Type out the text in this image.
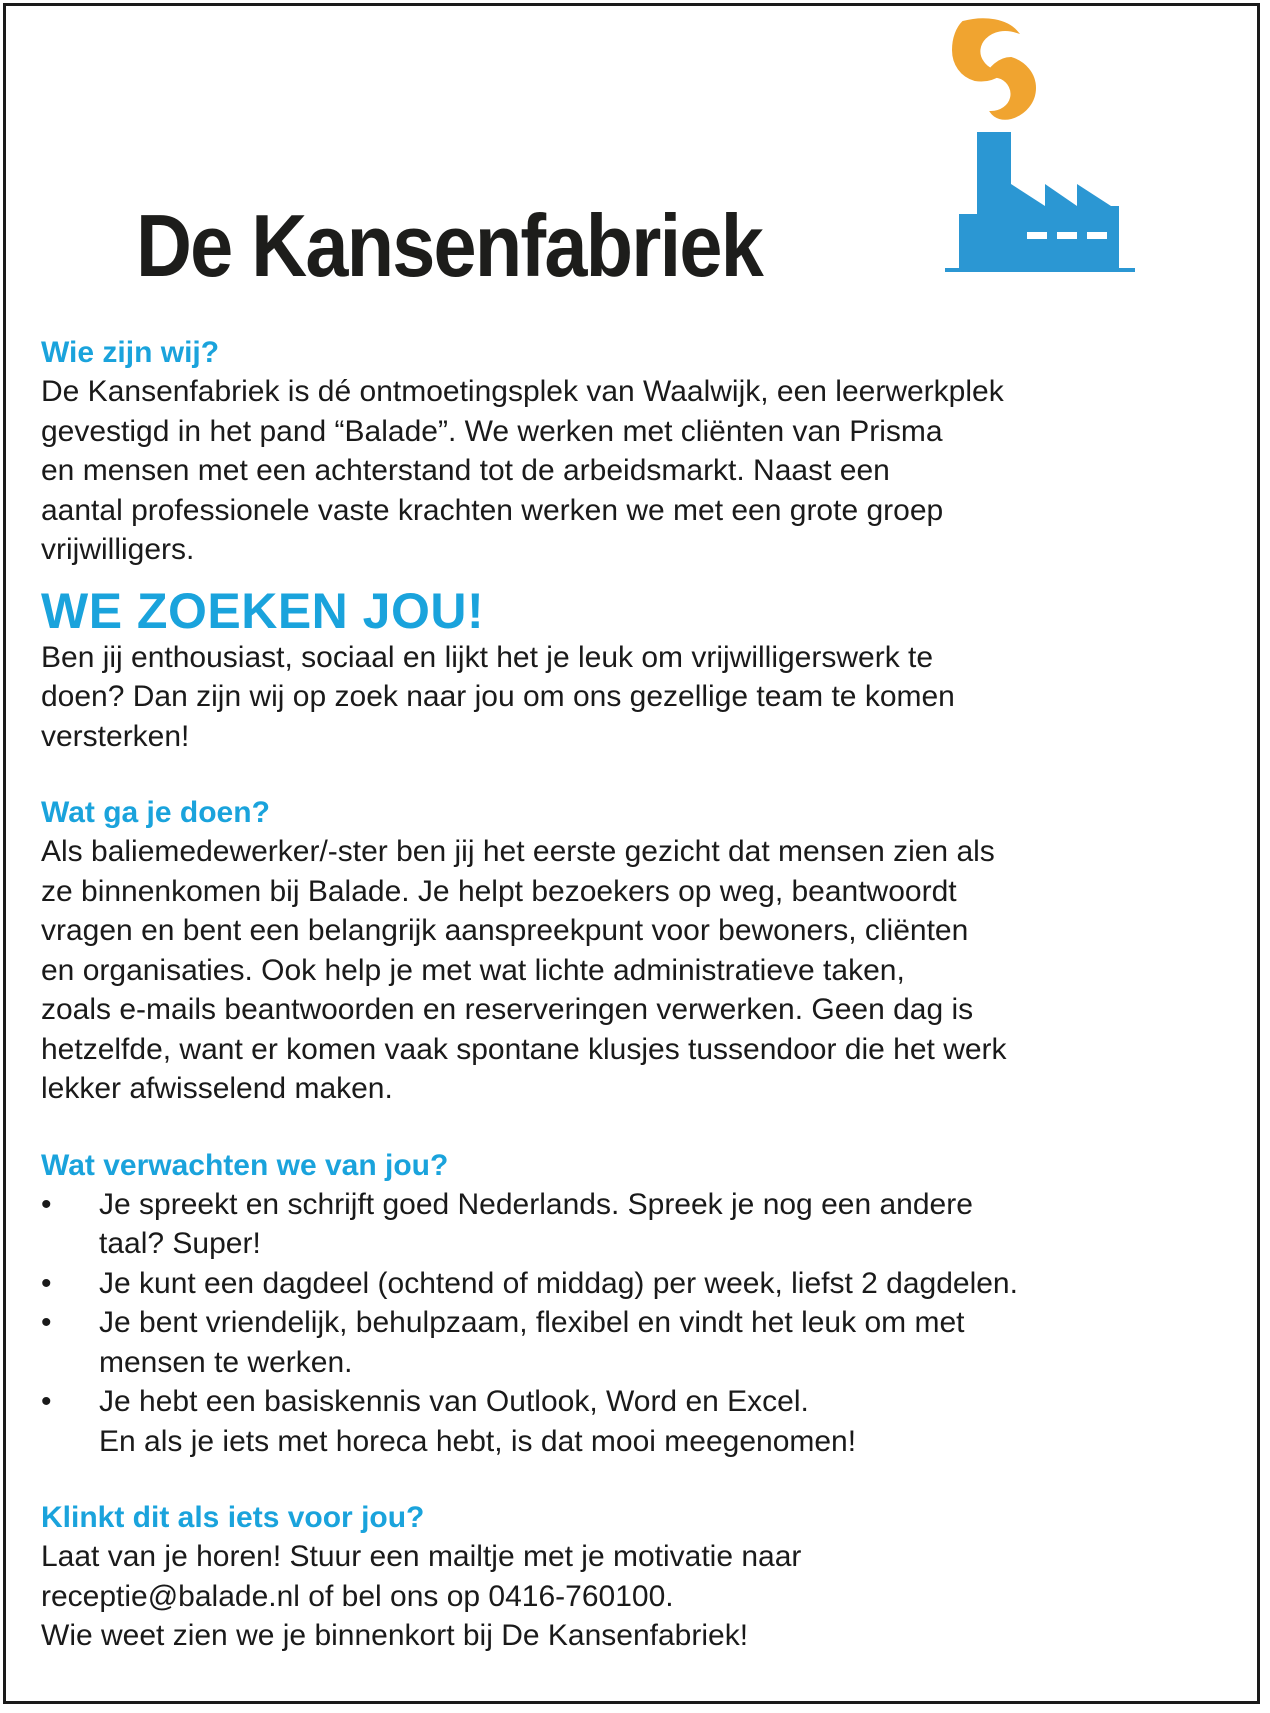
De Kansenfabriek
Wie zijn wij?

De Kansenfabriek is dé ontmoetingsplek van Waalwijk, een leerwerkplek
gevestigd in het pand “Balade”. We werken met cliënten van Prisma
en mensen met een achterstand tot de arbeidsmarkt. Naast een
aantal professionele vaste krachten werken we met een grote groep
vrijwilligers.

WE ZOEKEN JOU!

Ben jij enthousiast, sociaal en lijkt het je leuk om vrijwilligerswerk te
doen? Dan zijn wij op zoek naar jou om ons gezellige team te komen
versterken!

Wat ga je doen?

Als baliemedewerker/-ster ben jij het eerste gezicht dat mensen zien als
ze binnenkomen bij Balade. Je helpt bezoekers op weg, beantwoordt
vragen en bent een belangrijk aanspreekpunt voor bewoners, cliënten
en organisaties. Ook help je met wat lichte administratieve taken,
zoals e-mails beantwoorden en reserveringen verwerken. Geen dag is
hetzelfde, want er komen vaak spontane klusjes tussendoor die het werk
lekker afwisselend maken.

Wat verwachten we van jou?
• Je spreekt en schrijft goed Nederlands. Spreek je nog een andere
taal? Super!
• Je kunt een dagdeel (ochtend of middag) per week, liefst 2 dagdelen.
• Je bent vriendelijk, behulpzaam, flexibel en vindt het leuk om met
mensen te werken.
• Je hebt een basiskennis van Outlook, Word en Excel.
En als je iets met horeca hebt, is dat mooi meegenomen!
Klinkt dit als iets voor jou?

Laat van je horen! Stuur een mailtje met je motivatie naar
receptie@balade.nl of bel ons op 0416-760100.
Wie weet zien we je binnenkort bij De Kansenfabriek!
